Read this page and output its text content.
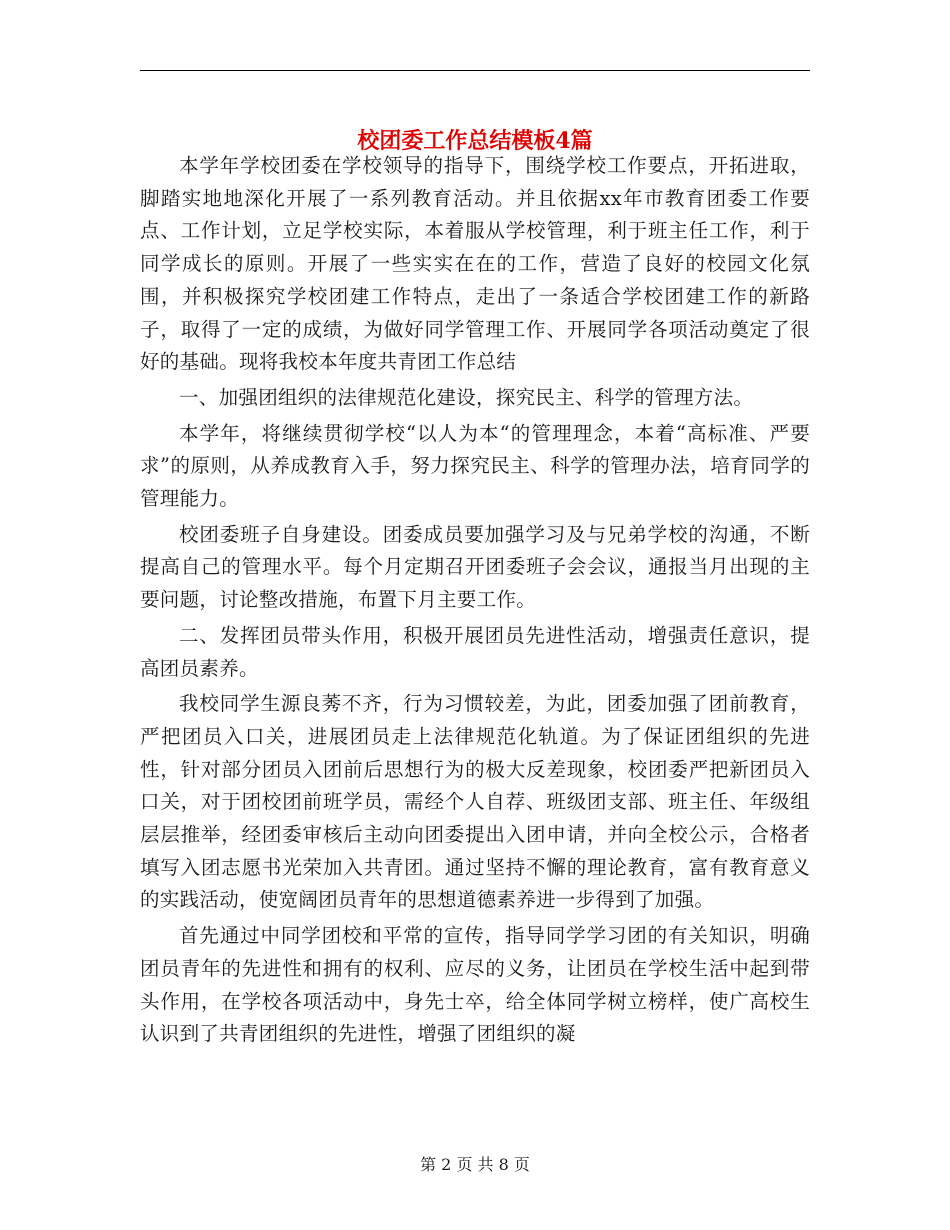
校团委工作总结模板4篇

本学年学校团委在学校领导的指导下，围绕学校工作要点，开拓进取，脚踏实地地深化开展了一系列教育活动。并且依据xx年市教育团委工作要点、工作计划，立足学校实际，本着服从学校管理，利于班主任工作，利于同学成长的原则。开展了一些实实在在的工作，营造了良好的校园文化氛围，并积极探究学校团建工作特点，走出了一条适合学校团建工作的新路子，取得了一定的成绩，为做好同学管理工作、开展同学各项活动奠定了很好的基础。现将我校本年度共青团工作总结

一、加强团组织的法律规范化建设，探究民主、科学的管理方法。

本学年，将继续贯彻学校“以人为本“的管理理念，本着“高标准、严要求”的原则，从养成教育入手，努力探究民主、科学的管理办法，培育同学的管理能力。

校团委班子自身建设。团委成员要加强学习及与兄弟学校的沟通，不断提高自己的管理水平。每个月定期召开团委班子会会议，通报当月出现的主要问题，讨论整改措施，布置下月主要工作。

二、发挥团员带头作用，积极开展团员先进性活动，增强责任意识，提高团员素养。

我校同学生源良莠不齐，行为习惯较差，为此，团委加强了团前教育，严把团员入口关，进展团员走上法律规范化轨道。为了保证团组织的先进性，针对部分团员入团前后思想行为的极大反差现象，校团委严把新团员入口关，对于团校团前班学员，需经个人自荐、班级团支部、班主任、年级组层层推举，经团委审核后主动向团委提出入团申请，并向全校公示，合格者填写入团志愿书光荣加入共青团。通过坚持不懈的理论教育，富有教育意义的实践活动，使宽阔团员青年的思想道德素养进一步得到了加强。

首先通过中同学团校和平常的宣传，指导同学学习团的有关知识，明确团员青年的先进性和拥有的权利、应尽的义务，让团员在学校生活中起到带头作用，在学校各项活动中，身先士卒，给全体同学树立榜样，使广高校生认识到了共青团组织的先进性，增强了团组织的凝

第 2 页 共 8 页
